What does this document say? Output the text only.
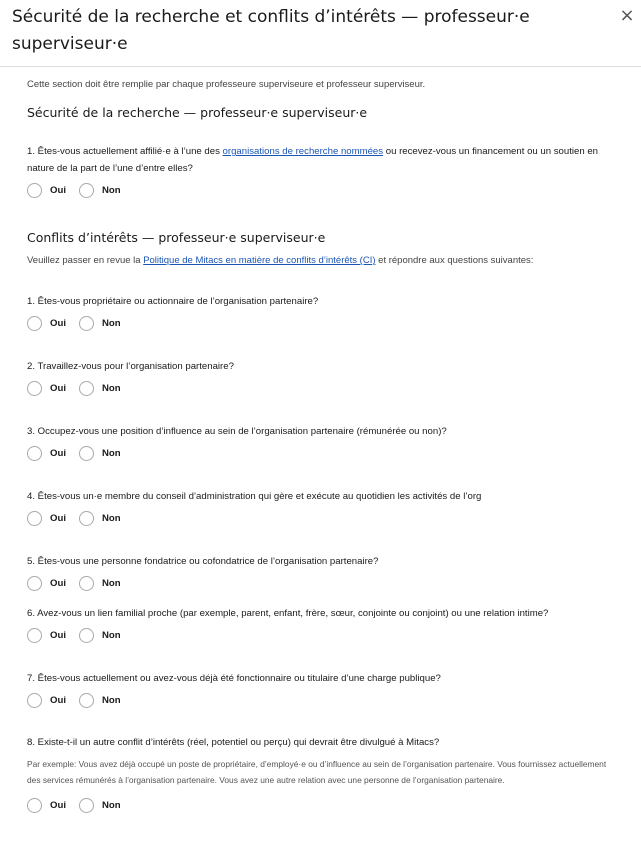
Sécurité de la recherche et conflits d’intérêts — professeur·e superviseur·e
×
Cette section doit être remplie par chaque professeure superviseure et professeur superviseur.
Sécurité de la recherche — professeur·e superviseur·e

1. Êtes-vous actuellement affilié·e à l’une des organisations de recherche nommées ou recevez-vous un financement ou un soutien en nature de la part de l’une d’entre elles?

Oui	Non
Conflits d’intérêts — professeur·e superviseur·e
Veuillez passer en revue la Politique de Mitacs en matière de conflits d’intérêts (CI) et répondre aux questions suivantes:

1. Êtes-vous propriétaire ou actionnaire de l’organisation partenaire?

Oui	Non

2. Travaillez-vous pour l’organisation partenaire?

Oui	Non

3. Occupez-vous une position d’influence au sein de l’organisation partenaire (rémunérée ou non)?

Oui	Non

4. Êtes-vous un·e membre du conseil d’administration qui gère et exécute au quotidien les activités de l’org

Oui	Non

5. Êtes-vous une personne fondatrice ou cofondatrice de l’organisation partenaire?

Oui	Non

6. Avez-vous un lien familial proche (par exemple, parent, enfant, frère, sœur, conjointe ou conjoint) ou une relation intime?

Oui	Non

7. Êtes-vous actuellement ou avez-vous déjà été fonctionnaire ou titulaire d’une charge publique?

Oui	Non

8. Existe-t-il un autre conflit d’intérêts (réel, potentiel ou perçu) qui devrait être divulgué à Mitacs?

Par exemple: Vous avez déjà occupé un poste de propriétaire, d’employé·e ou d’influence au sein de l’organisation partenaire. Vous fournissez actuellement des services rémunérés à l’organisation partenaire. Vous avez une autre relation avec une personne de l’organisation partenaire.

Oui	Non
